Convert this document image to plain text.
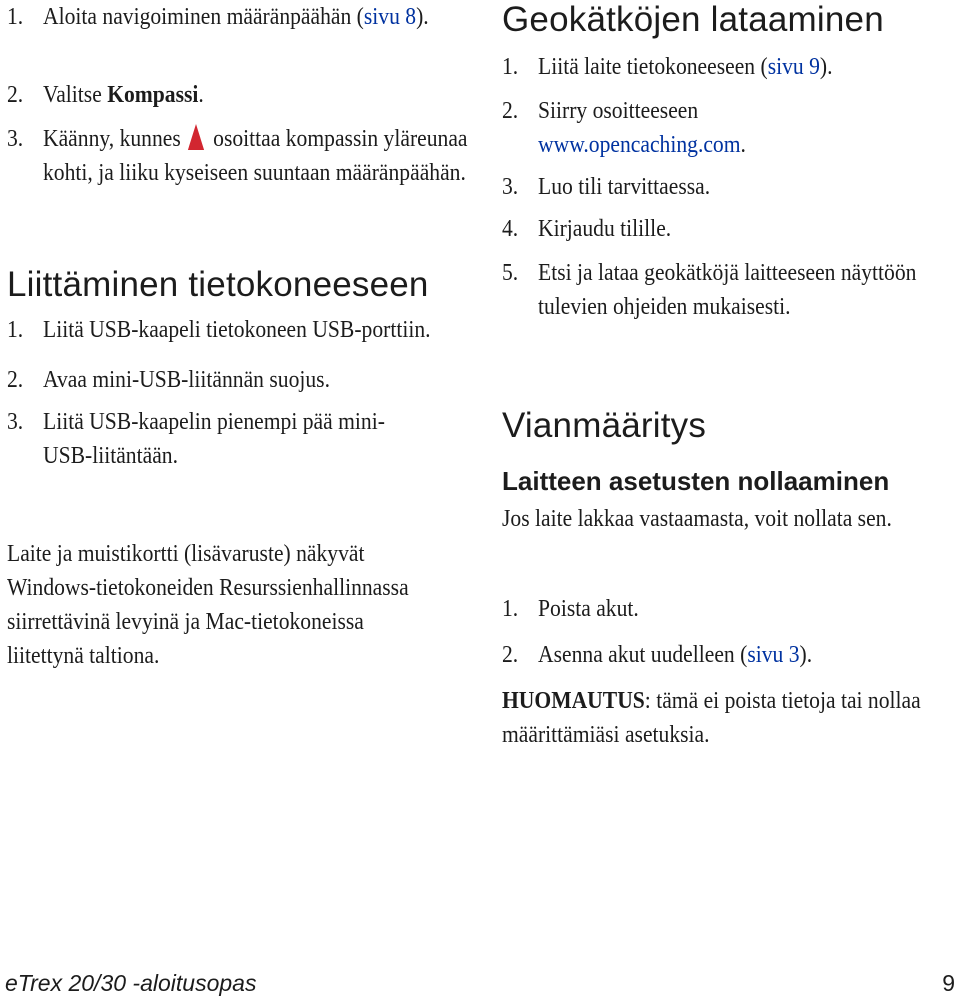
1. Aloita navigoiminen määränpäähän (sivu 8).
2. Valitse Kompassi.
3. Käänny, kunnes  osoittaa kompassin yläreunaa kohti, ja liiku kyseiseen suuntaan määränpäähän.
Liittäminen tietokoneeseen
1. Liitä USB-kaapeli tietokoneen USB-porttiin.
2. Avaa mini-USB-liitännän suojus.
3. Liitä USB-kaapelin pienempi pää mini-USB-liitäntään.

Laite ja muistikortti (lisävaruste) näkyvät Windows-tietokoneiden Resurssienhallinnassa siirrettävinä levyinä ja Mac-tietokoneissa liitettynä taltiona.

Geokätköjen lataaminen
1. Liitä laite tietokoneeseen (sivu 9).
2. Siirry osoitteeseen www.opencaching.com.
3. Luo tili tarvittaessa.
4. Kirjaudu tilille.
5. Etsi ja lataa geokätköjä laitteeseen näyttöön tulevien ohjeiden mukaisesti.
Vianmääritys
Laitteen asetusten nollaaminen

Jos laite lakkaa vastaamasta, voit nollata sen.

1. Poista akut.
2. Asenna akut uudelleen (sivu 3).

HUOMAUTUS: tämä ei poista tietoja tai nollaa määrittämiäsi asetuksia.

eTrex 20/30 -aloitusopas	9
